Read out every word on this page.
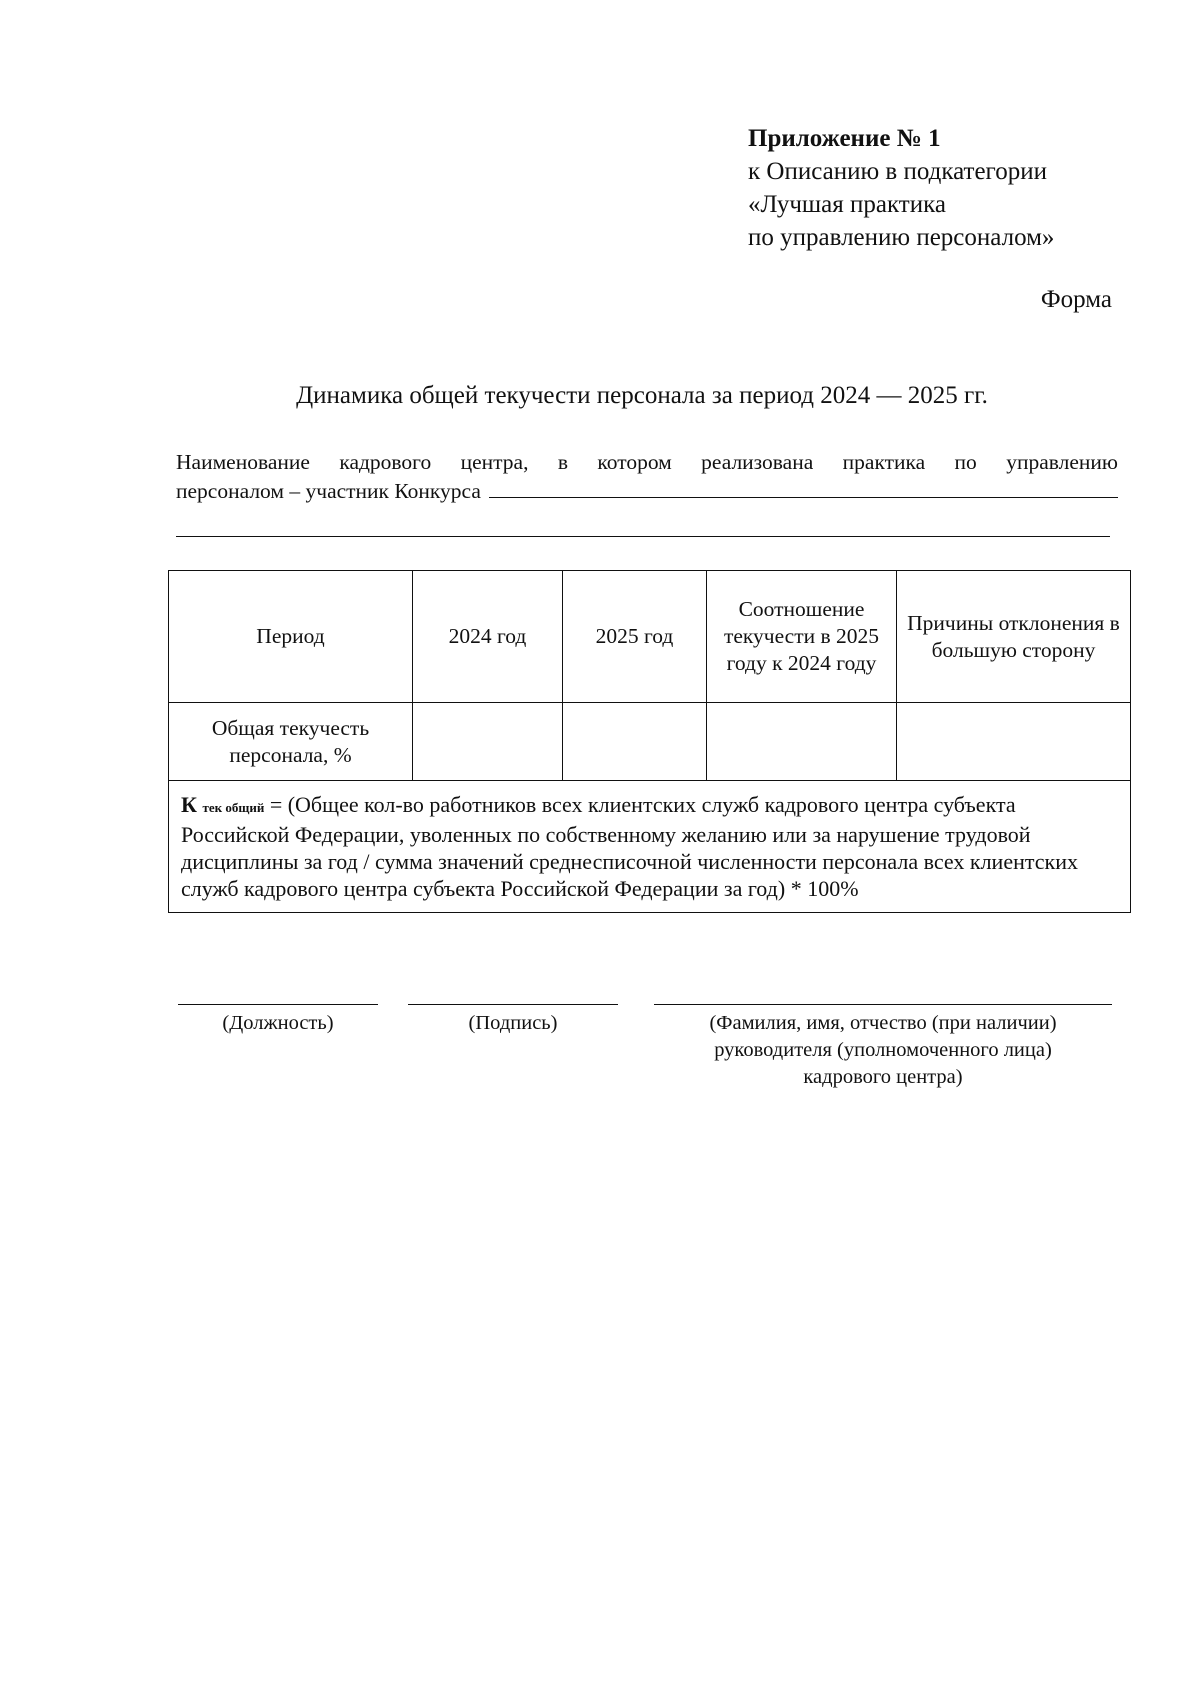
Приложение № 1
к Описанию в подкатегории
«Лучшая практика
по управлению персоналом»
Форма
Динамика общей текучести персонала за период 2024 — 2025 гг.
Наименование кадрового центра, в котором реализована практика по управлению
персоналом – участник Конкурса
Период	2024 год	2025 год	Соотношение текучести в 2025 году к 2024 году	Причины отклонения в большую сторону
Общая текучесть персонала, %				
К тек общий = (Общее кол-во работников всех клиентских служб кадрового центра субъекта Российской Федерации, уволенных по собственному желанию или за нарушение трудовой дисциплины за год / сумма значений среднесписочной численности персонала всех клиентских служб кадрового центра субъекта Российской Федерации за год) * 100%				
(Должность)	(Подпись)	(Фамилия, имя, отчество (при наличии)
руководителя (уполномоченного лица)
кадрового центра)
